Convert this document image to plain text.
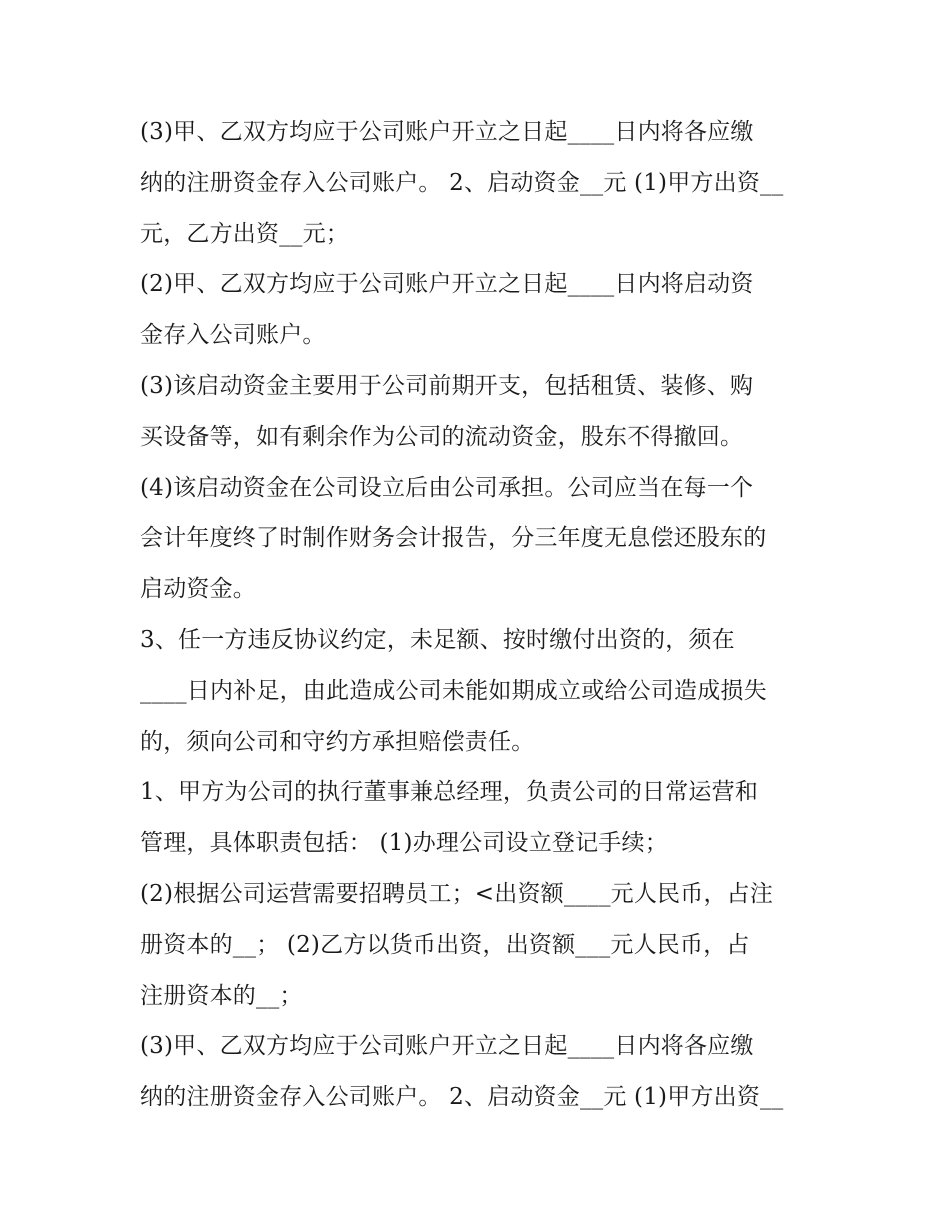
(3)甲、乙双方均应于公司账户开立之日起____日内将各应缴
纳的注册资金存入公司账户。 2、启动资金__元 (1)甲方出资__
元，乙方出资__元；
(2)甲、乙双方均应于公司账户开立之日起____日内将启动资
金存入公司账户。
(3)该启动资金主要用于公司前期开支，包括租赁、装修、购
买设备等，如有剩余作为公司的流动资金，股东不得撤回。
(4)该启动资金在公司设立后由公司承担。公司应当在每一个
会计年度终了时制作财务会计报告，分三年度无息偿还股东的
启动资金。
3、任一方违反协议约定，未足额、按时缴付出资的，须在
____日内补足，由此造成公司未能如期成立或给公司造成损失
的，须向公司和守约方承担赔偿责任。
1、甲方为公司的执行董事兼总经理，负责公司的日常运营和
管理，具体职责包括： (1)办理公司设立登记手续；
(2)根据公司运营需要招聘员工；<出资额____元人民币，占注
册资本的__； (2)乙方以货币出资，出资额___元人民币，占
注册资本的__；
(3)甲、乙双方均应于公司账户开立之日起____日内将各应缴
纳的注册资金存入公司账户。 2、启动资金__元 (1)甲方出资__
